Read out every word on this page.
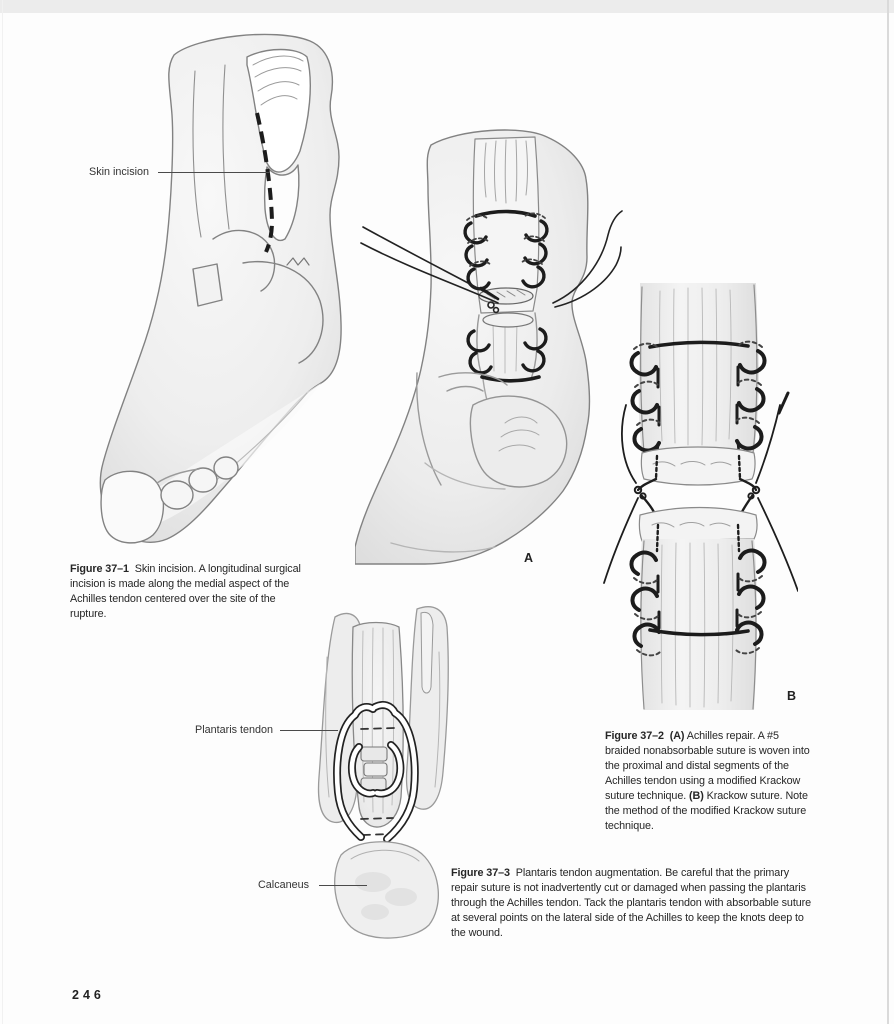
Skin incision
A
B
Plantaris tendon
Calcaneus
Figure 37–1  Skin incision. A longitudinal surgical incision is made along the medial aspect of the Achilles tendon centered over the site of the rupture.
Figure 37–2 (A) Achilles repair. A #5 braided nonabsorbable suture is woven into the proximal and distal segments of the Achilles tendon using a modified Krackow suture technique. (B) Krackow suture. Note the method of the modified Krackow suture technique.
Figure 37–3  Plantaris tendon augmentation. Be careful that the primary repair suture is not inadvertently cut or damaged when passing the plantaris through the Achilles tendon. Tack the plantaris tendon with absorbable suture at several points on the lateral side of the Achilles to keep the knots deep to the wound.
246
